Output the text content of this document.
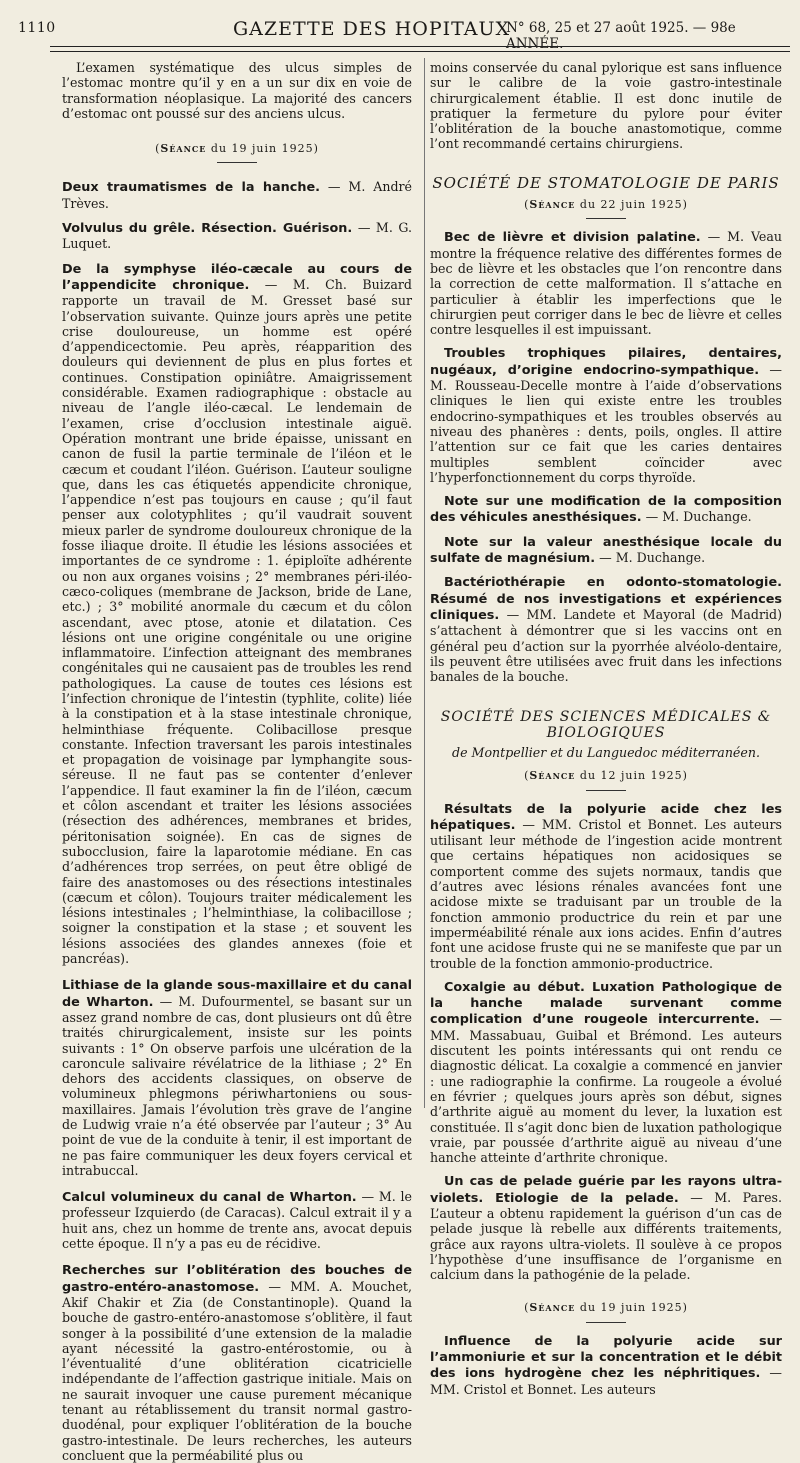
1110	GAZETTE DES HOPITAUX
N° 68, 25 et 27 août 1925. — 98e ANNÉE.

L’examen systématique des ulcus simples de l’estomac montre qu’il y en a un sur dix en voie de transformation néoplasique. La majorité des cancers d’estomac ont poussé sur des anciens ulcus.

(Séance du 19 juin 1925)

Deux traumatismes de la hanche. — M. André Trèves.

Volvulus du grêle. Résection. Guérison. — M. G. Luquet.

De la symphyse iléo-cæcale au cours de l’appendicite chronique. — M. Ch. Buizard rapporte un travail de M. Gresset basé sur l’observation suivante. Quinze jours après une petite crise douloureuse, un homme est opéré d’appendicectomie. Peu après, réapparition des douleurs qui deviennent de plus en plus fortes et continues. Constipation opiniâtre. Amaigrissement considérable. Examen radiographique : obstacle au niveau de l’angle iléo-cæcal. Le lendemain de l’examen, crise d’occlusion intestinale aiguë. Opération montrant une bride épaisse, unissant en canon de fusil la partie terminale de l’iléon et le cæcum et coudant l’iléon. Guérison. L’auteur souligne que, dans les cas étiquetés appendicite chronique, l’appendice n’est pas toujours en cause ; qu’il faut penser aux colotyphlites ; qu’il vaudrait souvent mieux parler de syndrome douloureux chronique de la fosse iliaque droite. Il étudie les lésions associées et importantes de ce syndrome : 1. épiploïte adhérente ou non aux organes voisins ; 2° membranes péri-iléo-cæco-coliques (membrane de Jackson, bride de Lane, etc.) ; 3° mobilité anormale du cæcum et du côlon ascendant, avec ptose, atonie et dilatation. Ces lésions ont une origine congénitale ou une origine inflammatoire. L’infection atteignant des membranes congénitales qui ne causaient pas de troubles les rend pathologiques. La cause de toutes ces lésions est l’infection chronique de l’intestin (typhlite, colite) liée à la constipation et à la stase intestinale chronique, helminthiase fréquente. Colibacillose presque constante. Infection traversant les parois intestinales et propagation de voisinage par lymphangite sous-séreuse. Il ne faut pas se contenter d’enlever l’appendice. Il faut examiner la fin de l’iléon, cæcum et côlon ascendant et traiter les lésions associées (résection des adhérences, membranes et brides, péritonisation soignée). En cas de signes de subocclusion, faire la laparotomie médiane. En cas d’adhérences trop serrées, on peut être obligé de faire des anastomoses ou des résections intestinales (cæcum et côlon). Toujours traiter médicalement les lésions intestinales ; l’helminthiase, la colibacillose ; soigner la constipation et la stase ; et souvent les lésions associées des glandes annexes (foie et pancréas).

Lithiase de la glande sous-maxillaire et du canal de Wharton. — M. Dufourmentel, se basant sur un assez grand nombre de cas, dont plusieurs ont dû être traités chirurgicalement, insiste sur les points suivants : 1° On observe parfois une ulcération de la caroncule salivaire révélatrice de la lithiase ; 2° En dehors des accidents classiques, on observe de volumineux phlegmons périwhartoniens ou sous-maxillaires. Jamais l’évolution très grave de l’angine de Ludwig vraie n’a été observée par l’auteur ; 3° Au point de vue de la conduite à tenir, il est important de ne pas faire communiquer les deux foyers cervical et intrabuccal.

Calcul volumineux du canal de Wharton. — M. le professeur Izquierdo (de Caracas). Calcul extrait il y a huit ans, chez un homme de trente ans, avocat depuis cette époque. Il n’y a pas eu de récidive.

Recherches sur l’oblitération des bouches de gastro-entéro-anastomose. — MM. A. Mouchet, Akif Chakir et Zia (de Constantinople). Quand la bouche de gastro-entéro-anastomose s’oblitère, il faut songer à la possibilité d’une extension de la maladie ayant nécessité la gastro-entérostomie, ou à l’éventualité d’une oblitération cicatricielle indépendante de l’affection gastrique initiale. Mais on ne saurait invoquer une cause purement mécanique tenant au rétablissement du transit normal gastro-duodénal, pour expliquer l’oblitération de la bouche gastro-intestinale. De leurs recherches, les auteurs concluent que la perméabilité plus ou

moins conservée du canal pylorique est sans influence sur le calibre de la voie gastro-intestinale chirurgicalement établie. Il est donc inutile de pratiquer la fermeture du pylore pour éviter l’oblitération de la bouche anastomotique, comme l’ont recommandé certains chirurgiens.

SOCIÉTÉ DE STOMATOLOGIE DE PARIS
(Séance du 22 juin 1925)

Bec de lièvre et division palatine. — M. Veau montre la fréquence relative des différentes formes de bec de lièvre et les obstacles que l’on rencontre dans la correction de cette malformation. Il s’attache en particulier à établir les imperfections que le chirurgien peut corriger dans le bec de lièvre et celles contre lesquelles il est impuissant.

Troubles trophiques pilaires, dentaires, nugéaux, d’origine endocrino-sympathique. — M. Rousseau-Decelle montre à l’aide d’observations cliniques le lien qui existe entre les troubles endocrino-sympathiques et les troubles observés au niveau des phanères : dents, poils, ongles. Il attire l’attention sur ce fait que les caries dentaires multiples semblent coïncider avec l’hyperfonctionnement du corps thyroïde.

Note sur une modification de la composition des véhicules anesthésiques. — M. Duchange.

Note sur la valeur anesthésique locale du sulfate de magnésium. — M. Duchange.

Bactériothérapie en odonto-stomatologie. Résumé de nos investigations et expériences cliniques. — MM. Landete et Mayoral (de Madrid) s’attachent à démontrer que si les vaccins ont en général peu d’action sur la pyorrhée alvéolo-dentaire, ils peuvent être utilisées avec fruit dans les infections banales de la bouche.

SOCIÉTÉ DES SCIENCES MÉDICALES & BIOLOGIQUES
de Montpellier et du Languedoc méditerranéen.
(Séance du 12 juin 1925)

Résultats de la polyurie acide chez les hépatiques. — MM. Cristol et Bonnet. Les auteurs utilisant leur méthode de l’ingestion acide montrent que certains hépatiques non acidosiques se comportent comme des sujets normaux, tandis que d’autres avec lésions rénales avancées font une acidose mixte se traduisant par un trouble de la fonction ammonio productrice du rein et par une imperméabilité rénale aux ions acides. Enfin d’autres font une acidose fruste qui ne se manifeste que par un trouble de la fonction ammonio-productrice.

Coxalgie au début. Luxation Pathologique de la hanche malade survenant comme complication d’une rougeole intercurrente. — MM. Massabuau, Guibal et Brémond. Les auteurs discutent les points intéressants qui ont rendu ce diagnostic délicat. La coxalgie a commencé en janvier : une radiographie la confirme. La rougeole a évolué en février ; quelques jours après son début, signes d’arthrite aiguë au moment du lever, la luxation est constituée. Il s’agit donc bien de luxation pathologique vraie, par poussée d’arthrite aiguë au niveau d’une hanche atteinte d’arthrite chronique.

Un cas de pelade guérie par les rayons ultra-violets. Etiologie de la pelade. — M. Pares. L’auteur a obtenu rapidement la guérison d’un cas de pelade jusque là rebelle aux différents traitements, grâce aux rayons ultra-violets. Il soulève à ce propos l’hypothèse d’une insuffisance de l’organisme en calcium dans la pathogénie de la pelade.

(Séance du 19 juin 1925)

Influence de la polyurie acide sur l’ammoniurie et sur la concentration et le débit des ions hydrogène chez les néphritiques. — MM. Cristol et Bonnet. Les auteurs
